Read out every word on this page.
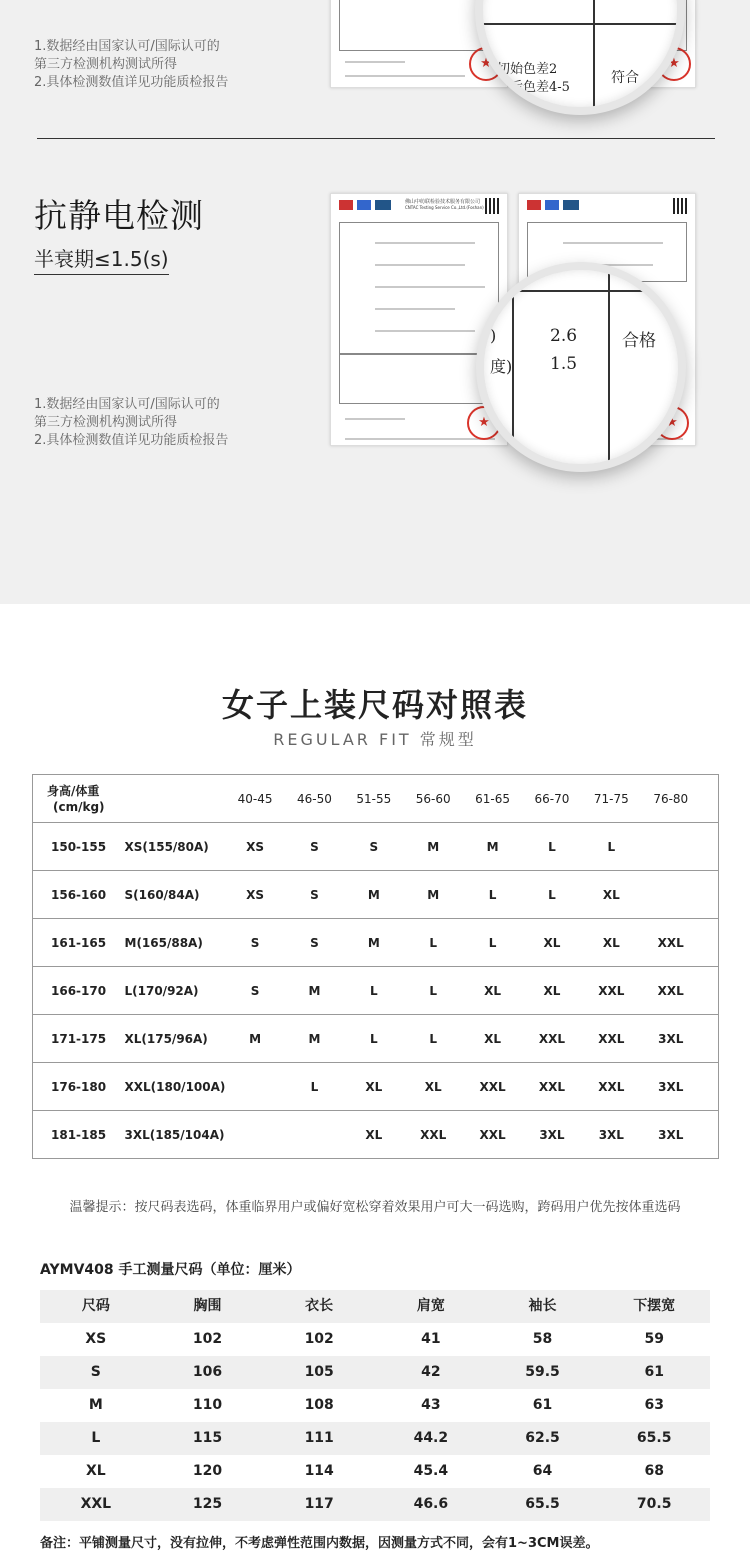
1.数据经由国家认可/国际认可的
第三方检测机构测试所得
2.具体检测数值详见功能质检报告
★
★
切始色差2
次后色差4-5
符合
抗静电检测
半衰期≤1.5(s)
1.数据经由国家认可/国际认可的
第三方检测机构测试所得
2.具体检测数值详见功能质检报告
佛山中纺联检验技术服务有限公司
CNTAC Testing Service Co.,Ltd.(Foshan)
★
★
)	2.6
度) 1.5
合格
女子上装尺码对照表
REGULAR FIT 常规型
身高/体重
(cm/kg)		40-45	46-50	51-55	56-60	61-65	66-70	71-75	76-80	
150-155	XS(155/80A)	XS	S	S	M	M	L	L		
156-160	S(160/84A)	XS	S	M	M	L	L	XL		
161-165	M(165/88A)	S	S	M	L	L	XL	XL	XXL	
166-170	L(170/92A)	S	M	L	L	XL	XL	XXL	XXL	
171-175	XL(175/96A)	M	M	L	L	XL	XXL	XXL	3XL	
176-180	XXL(180/100A)		L	XL	XL	XXL	XXL	XXL	3XL	
181-185	3XL(185/104A)			XL	XXL	XXL	3XL	3XL	3XL	
温馨提示：按尺码表选码，体重临界用户或偏好宽松穿着效果用户可大一码选购，跨码用户优先按体重选码
AYMV408 手工测量尺码（单位：厘米）
尺码	胸围	衣长	肩宽	袖长	下摆宽
XS	102	102	41	58	59
S	106	105	42	59.5	61
M	110	108	43	61	63
L	115	111	44.2	62.5	65.5
XL	120	114	45.4	64	68
XXL	125	117	46.6	65.5	70.5
备注：平铺测量尺寸，没有拉伸，不考虑弹性范围内数据，因测量方式不同，会有1~3CM误差。
